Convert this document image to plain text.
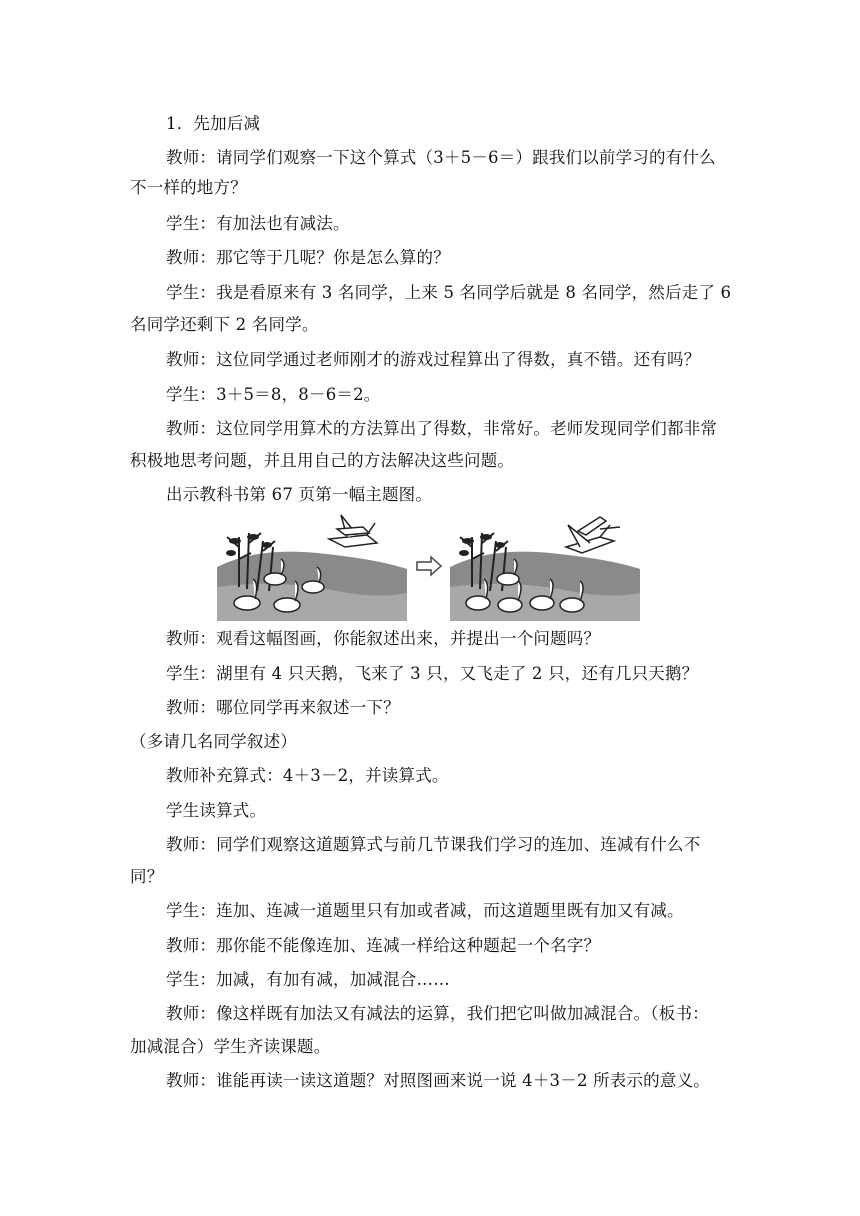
1．先加后减
教师：请同学们观察一下这个算式（3＋5－6＝）跟我们以前学习的有什么
不一样的地方？
学生：有加法也有减法。
教师：那它等于几呢？你是怎么算的？
学生：我是看原来有 3 名同学，上来 5 名同学后就是 8 名同学，然后走了 6
名同学还剩下 2 名同学。
教师：这位同学通过老师刚才的游戏过程算出了得数，真不错。还有吗？
学生：3＋5＝8，8－6＝2。
教师：这位同学用算术的方法算出了得数，非常好。老师发现同学们都非常
积极地思考问题，并且用自己的方法解决这些问题。
出示教科书第 67 页第一幅主题图。
教师：观看这幅图画，你能叙述出来，并提出一个问题吗？
学生：湖里有 4 只天鹅，飞来了 3 只，又飞走了 2 只，还有几只天鹅？
教师：哪位同学再来叙述一下？
（多请几名同学叙述）
教师补充算式：4＋3－2，并读算式。
学生读算式。
教师：同学们观察这道题算式与前几节课我们学习的连加、连减有什么不
同？
学生：连加、连减一道题里只有加或者减，而这道题里既有加又有减。
教师：那你能不能像连加、连减一样给这种题起一个名字？
学生：加减，有加有减，加减混合……
教师：像这样既有加法又有减法的运算，我们把它叫做加减混合。（板书：
加减混合）学生齐读课题。
教师：谁能再读一读这道题？对照图画来说一说 4＋3－2 所表示的意义。
